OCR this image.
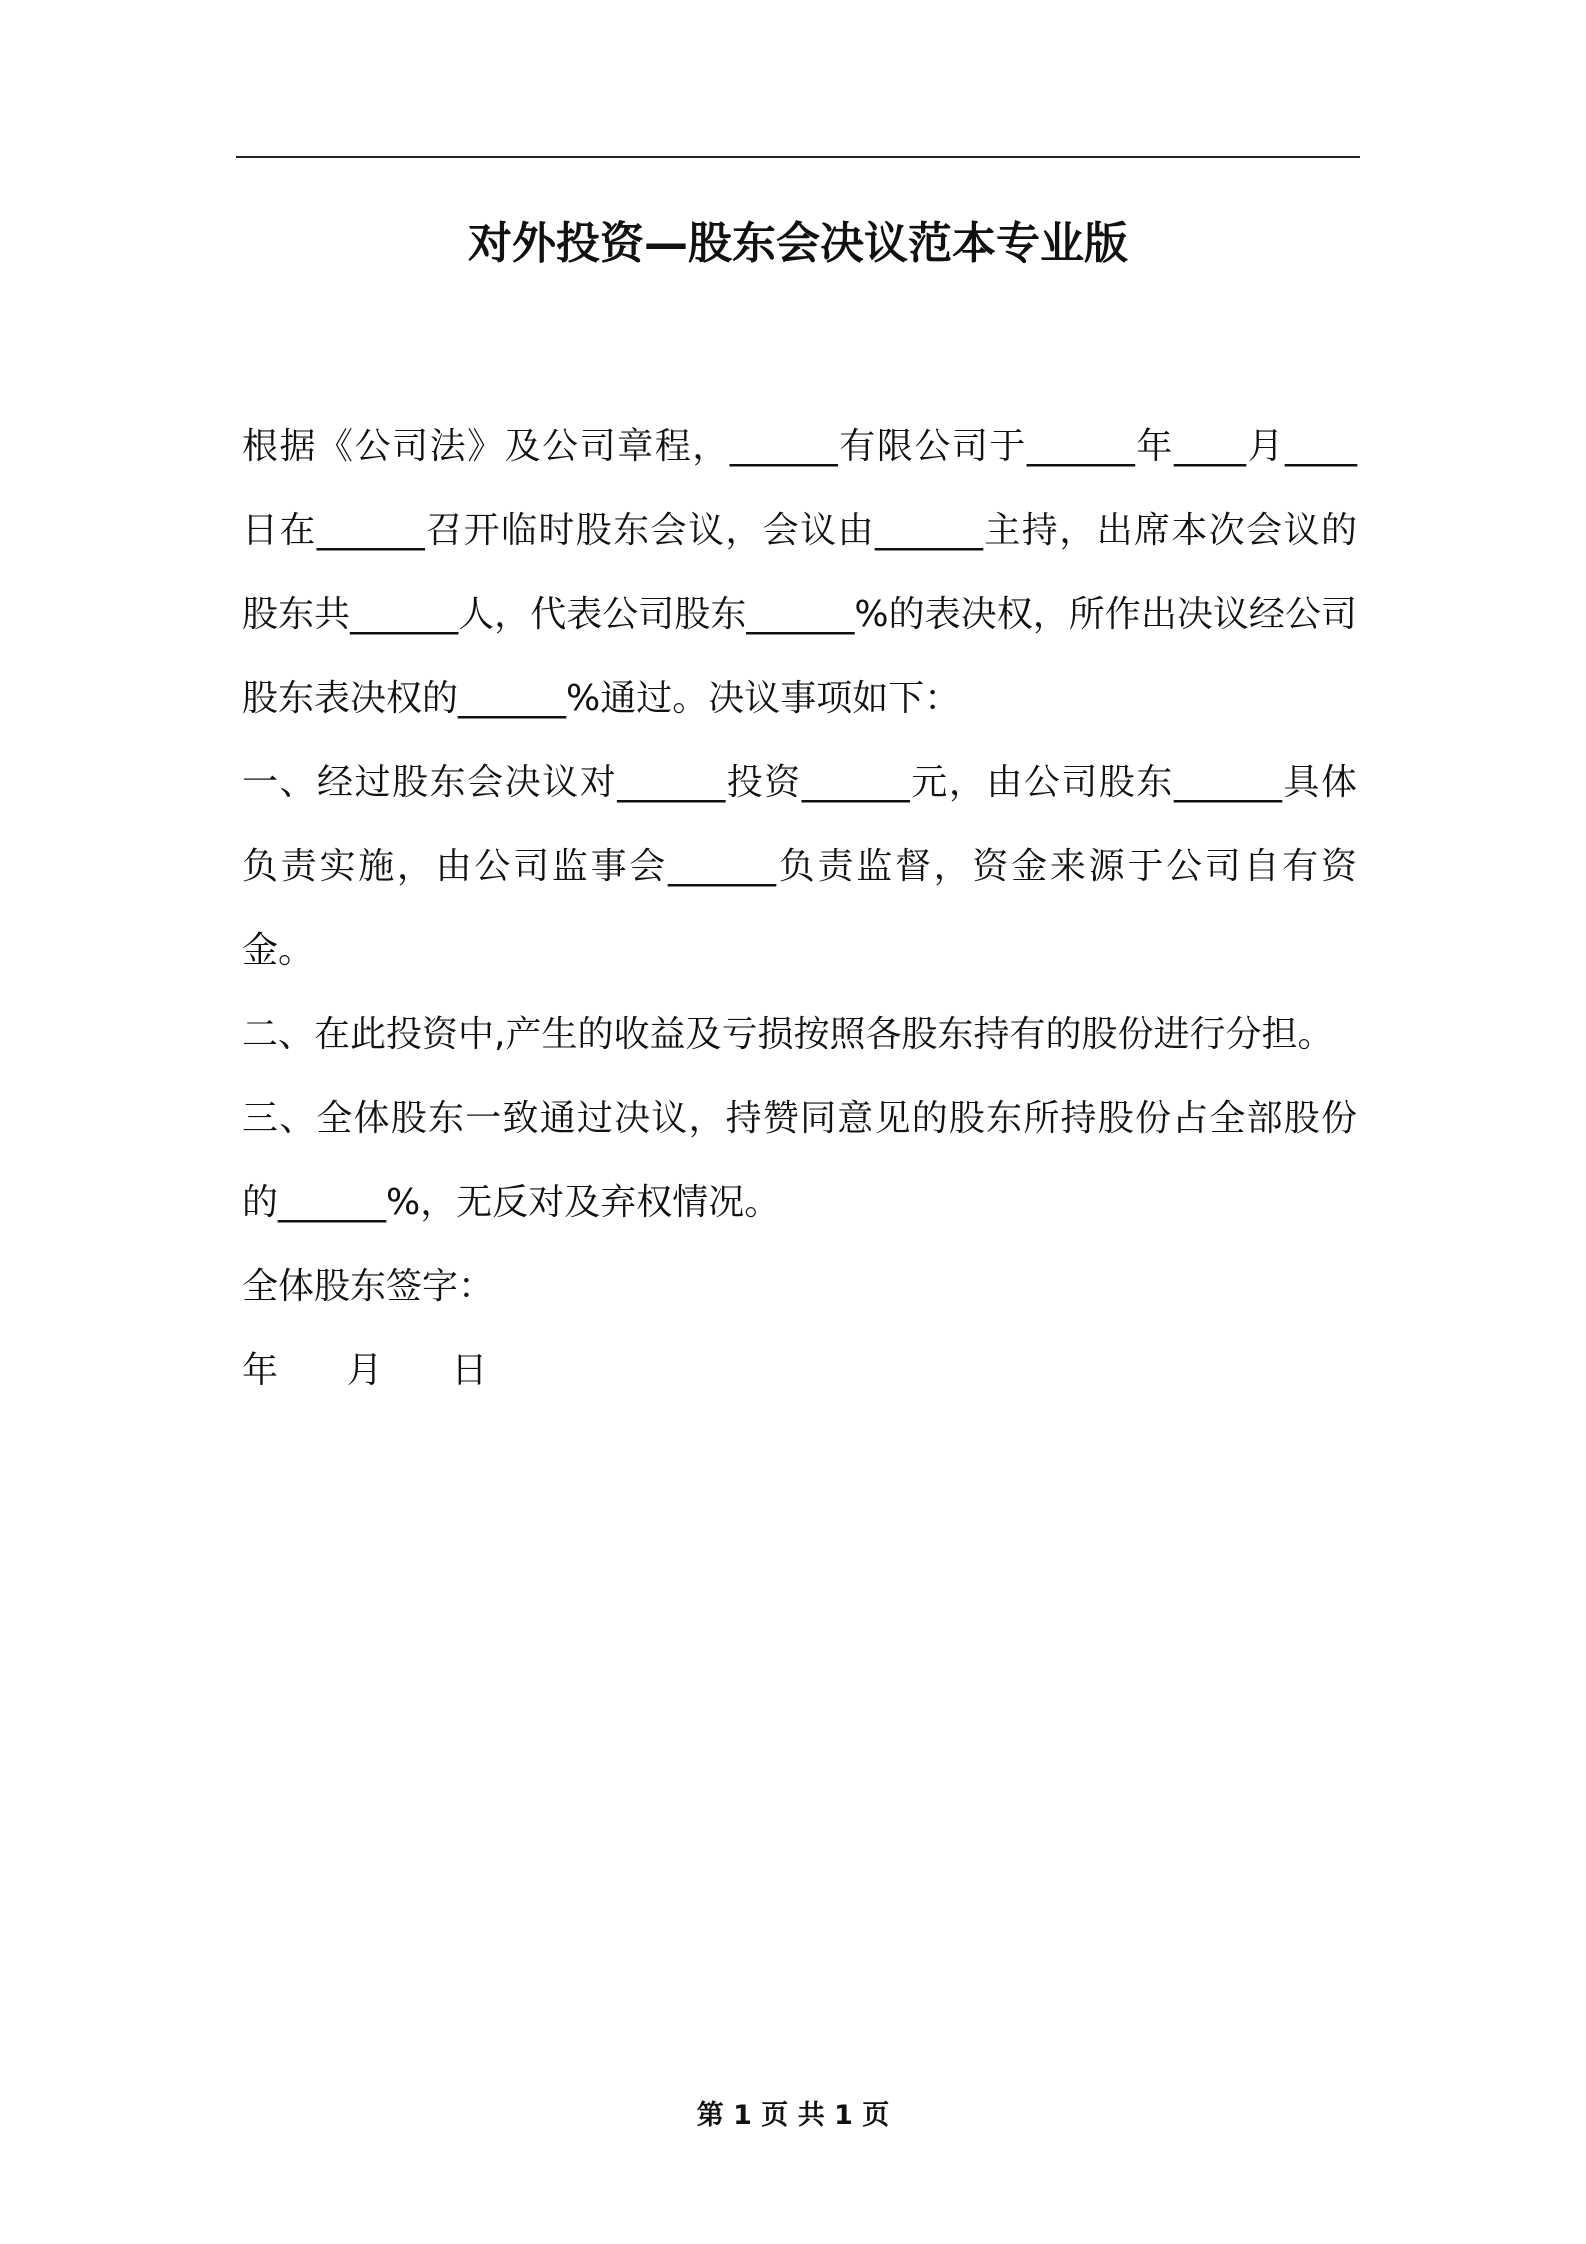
对外投资—股东会决议范本专业版

根据《公司法》及公司章程，______有限公司于______年____月____日在______召开临时股东会议，会议由______主持，出席本次会议的股东共______人，代表公司股东______%的表决权，所作出决议经公司股东表决权的______%通过。决议事项如下：

一、经过股东会决议对______投资______元，由公司股东______具体负责实施，由公司监事会______负责监督，资金来源于公司自有资金。

二、在此投资中,产生的收益及亏损按照各股东持有的股份进行分担。

三、全体股东一致通过决议，持赞同意见的股东所持股份占全部股份的______%，无反对及弃权情况。

全体股东签字：

年      月      日

第 1 页 共 1 页
